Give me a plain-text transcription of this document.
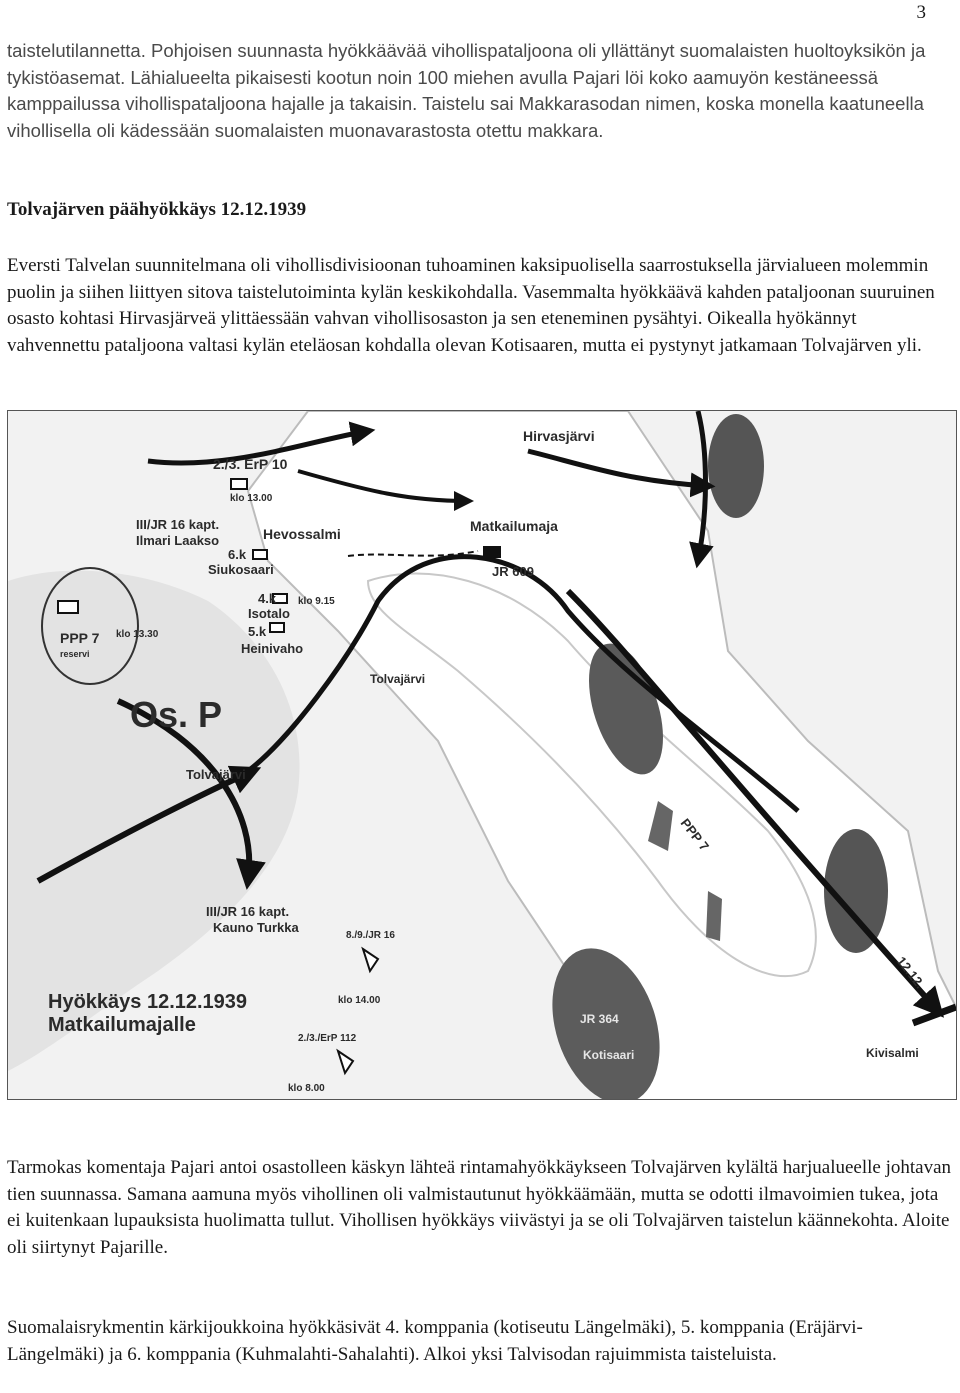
3

taistelutilannetta. Pohjoisen suunnasta hyökkäävää vihollispataljoona oli yllättänyt suomalaisten huoltoyksikön ja tykistöasemat. Lähialueelta pikaisesti kootun noin 100 miehen avulla Pajari löi koko aamuyön kestäneessä kamppailussa vihollispataljoona hajalle ja takaisin. Taistelu sai Makkarasodan nimen, koska monella kaatuneella vihollisella oli kädessään suomalaisten muonavarastosta otettu makkara.

Tolvajärven päähyökkäys 12.12.1939

Eversti Talvelan suunnitelmana oli vihollisdivisioonan tuhoaminen kaksipuolisella saarrostuksella järvialueen molemmin puolin ja siihen liittyen sitova taistelutoiminta kylän keskikohdalla. Vasemmalta hyökkäävä kahden pataljoonan suuruinen osasto kohtasi Hirvasjärveä ylittäessään vahvan vihollisosaston ja sen eteneminen pysähtyi. Oikealla hyökännyt vahvennettu pataljoona valtasi kylän eteläosan kohdalla olevan Kotisaaren, mutta ei pystynyt jatkamaan Tolvajärven yli.

Hirvasjärvi
2./3. ErP 10
klo 13.00
III/JR 16 kapt.
Ilmari Laakso	Hevossalmi	Matkailumaja
6.k
Siukosaari	JR 609
4.k klo 9.15
Isotalo
5.k
Heinivaho
PPP 7
reservi
klo 13.30
Os. P
Tolvajärvi
Tolvajärvi
PPP 7
III/JR 16 kapt.
Kauno Turkka
8./9./JR 16
12.12.
Hyökkäys 12.12.1939
Matkailumajalle
klo 14.00
2./3./ErP 112
klo 8.00
JR 364
Kotisaari	Kivisalmi

Tarmokas komentaja Pajari antoi osastolleen käskyn lähteä rintamahyökkäykseen Tolvajärven kylältä harjualueelle johtavan tien suunnassa. Samana aamuna myös vihollinen oli valmistautunut hyökkäämään, mutta se odotti ilmavoimien tukea, jota ei kuitenkaan lupauksista huolimatta tullut. Vihollisen hyökkäys viivästyi ja se oli Tolvajärven taistelun käännekohta. Aloite oli siirtynyt Pajarille.

Suomalaisrykmentin kärkijoukkoina hyökkäsivät 4. komppania (kotiseutu Längelmäki), 5. komppania (Eräjärvi-Längelmäki) ja 6. komppania (Kuhmalahti-Sahalahti). Alkoi yksi Talvisodan rajuimmista taisteluista.
